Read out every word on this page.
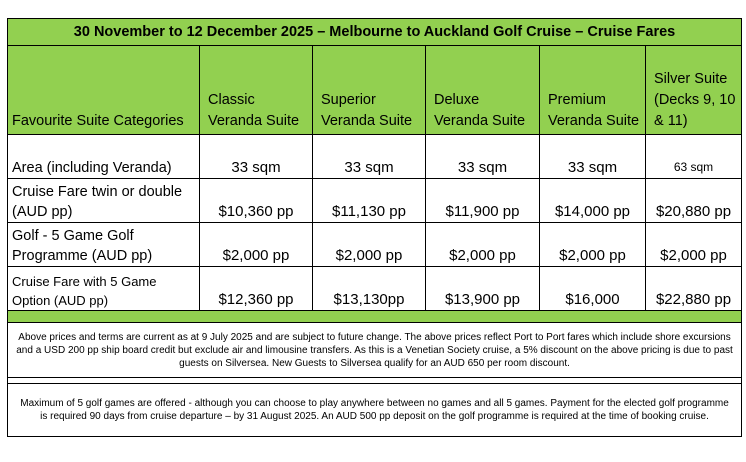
30 November to 12 December 2025 – Melbourne to Auckland Golf Cruise – Cruise Fares					
Favourite Suite Categories	Classic Veranda Suite	Superior Veranda Suite	Deluxe Veranda Suite	Premium Veranda Suite	Silver Suite (Decks 9, 10 & 11)
Area (including Veranda)	33 sqm	33 sqm	33 sqm	33 sqm	63 sqm
Cruise Fare twin or double (AUD pp)	$10,360 pp	$11,130 pp	$11,900 pp	$14,000 pp	$20,880 pp
Golf - 5 Game Golf Programme (AUD pp)	$2,000 pp	$2,000 pp	$2,000 pp	$2,000 pp	$2,000 pp
Cruise Fare with 5 Game Option (AUD pp)	$12,360 pp	$13,130pp	$13,900 pp	$16,000	$22,880 pp

Above prices and terms are current as at 9 July 2025 and are subject to future change. The above prices reflect Port to Port fares which include shore excursions and a USD 200 pp ship board credit but exclude air and limousine transfers. As this is a Venetian Society cruise, a 5% discount on the above pricing is due to past guests on Silversea. New Guests to Silversea qualify for an AUD 650 per room discount.					

Maximum of 5 golf games are offered - although you can choose to play anywhere between no games and all 5 games. Payment for the elected golf programme is required 90 days from cruise departure – by 31 August 2025. An AUD 500 pp deposit on the golf programme is required at the time of booking cruise.					
